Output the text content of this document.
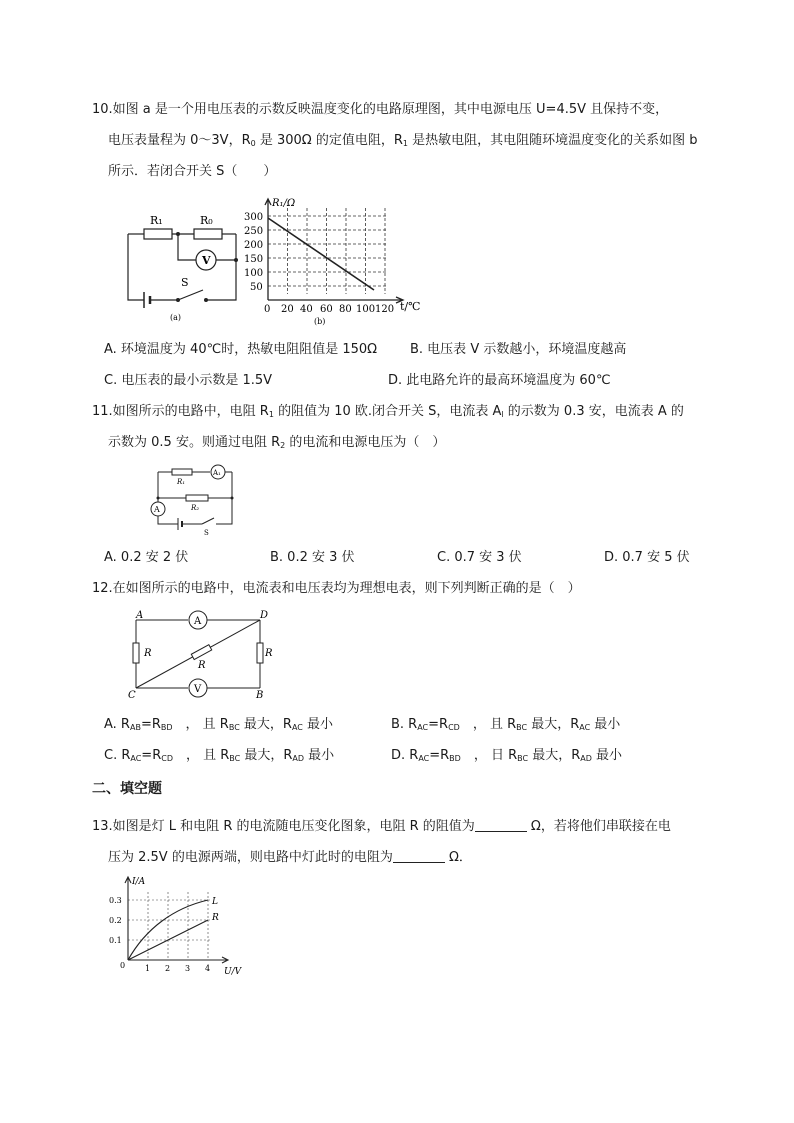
10.如图 a 是一个用电压表的示数反映温度变化的电路原理图，其中电源电压 U=4.5V 且保持不变，
电压表量程为 0～3V，$R_0$ 是 300Ω 的定值电阻，$R_1$ 是热敏电阻，其电阻随环境温度变化的关系如图 b
所示．若闭合开关 S（　　）
R₁	R₀
V
S
(a)
R₁/Ω
t/℃
300
250
200
150
100
50
0 20 40 60 80 100 120
(b)
A. 环境温度为 40℃时，热敏电阻阻值是 150Ω	B. 电压表 V 示数越小，环境温度越高
C. 电压表的最小示数是 1.5V	D. 此电路允许的最高环境温度为 60℃
11.如图所示的电路中，电阻 $R_1$ 的阻值为 10 欧.闭合开关 S，电流表 $A_l$ 的示数为 0.3 安，电流表 A 的
示数为 0.5 安。则通过电阻 $R_2$ 的电流和电源电压为（　）
R₁
R₂
A₁
A
S
A. 0.2 安 2 伏	B. 0.2 安 3 伏	C. 0.7 安 3 伏	D. 0.7 安 5 伏
12.在如图所示的电路中，电流表和电压表均为理想电表，则下列判断正确的是（　）
A	D
C	B
R	R
R
A
V
A. $R_{AB}=R_{BD}$　， 且 $R_{BC}$ 最大，$R_{AC}$ 最小	B. $R_{AC}=R_{CD}$　， 且 $R_{BC}$ 最大，$R_{AC}$ 最小
C. $R_{AC}=R_{CD}$　， 且 $R_{BC}$ 最大，$R_{AD}$ 最小	D. $R_{AC}=R_{BD}$　， 日 $R_{BC}$ 最大，$R_{AD}$ 最小
二、填空题
13.如图是灯 L 和电阻 R 的电流随电压变化图象，电阻 R 的阻值为	Ω，若将他们串联接在电
压为 2.5V 的电源两端，则电路中灯此时的电阻为	Ω．
I/A
U/V
L
R
0.3
0.2
0.1
0 1 2 3 4
